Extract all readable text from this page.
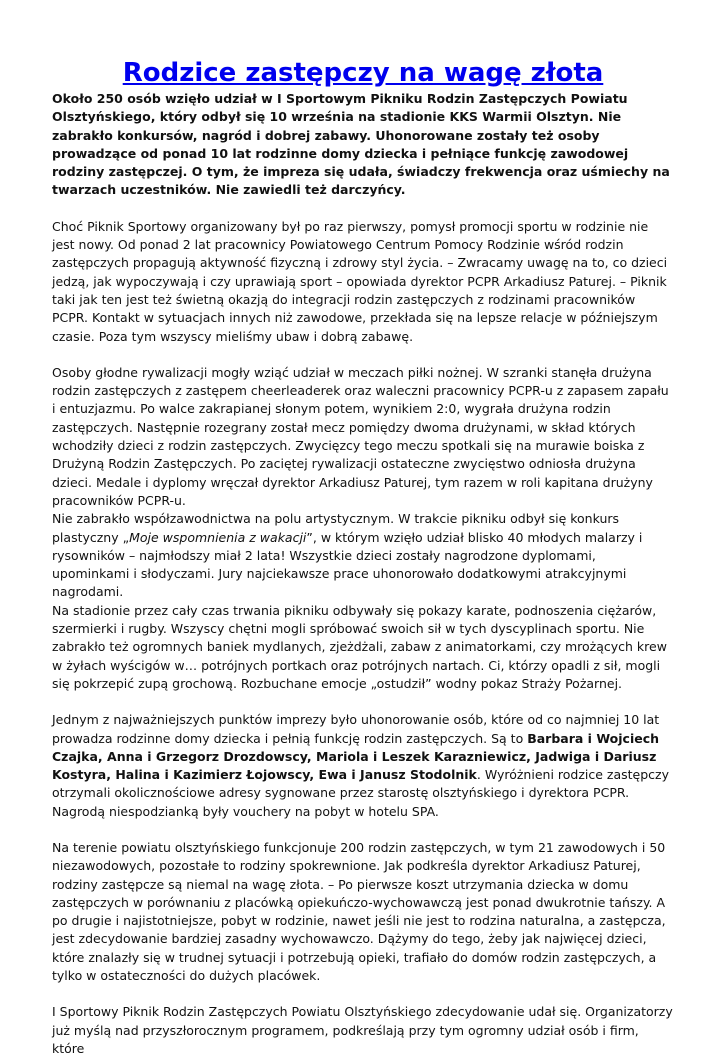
Rodzice zastępczy na wagę złota

Około 250 osób wzięło udział w I Sportowym Pikniku Rodzin Zastępczych Powiatu Olsztyńskiego, który odbył się 10 września na stadionie KKS Warmii Olsztyn. Nie zabrakło konkursów, nagród i dobrej zabawy. Uhonorowane zostały też osoby prowadzące od ponad 10 lat rodzinne domy dziecka i pełniące funkcję zawodowej rodziny zastępczej. O tym, że impreza się udała, świadczy frekwencja oraz uśmiechy na twarzach uczestników. Nie zawiedli też darczyńcy.

Choć Piknik Sportowy organizowany był po raz pierwszy, pomysł promocji sportu w rodzinie nie jest nowy. Od ponad 2 lat pracownicy Powiatowego Centrum Pomocy Rodzinie wśród rodzin zastępczych propagują aktywność fizyczną i zdrowy styl życia. – Zwracamy uwagę na to, co dzieci jedzą, jak wypoczywają i czy uprawiają sport – opowiada dyrektor PCPR Arkadiusz Paturej. – Piknik taki jak ten jest też świetną okazją do integracji rodzin zastępczych z rodzinami pracowników PCPR. Kontakt w sytuacjach innych niż zawodowe, przekłada się na lepsze relacje w późniejszym czasie. Poza tym wszyscy mieliśmy ubaw i dobrą zabawę.

Osoby głodne rywalizacji mogły wziąć udział w meczach piłki nożnej. W szranki stanęła drużyna rodzin zastępczych z zastępem cheerleaderek oraz waleczni pracownicy PCPR-u z zapasem zapału i entuzjazmu. Po walce zakrapianej słonym potem, wynikiem 2:0, wygrała drużyna rodzin zastępczych. Następnie rozegrany został mecz pomiędzy dwoma drużynami, w skład których wchodziły dzieci z rodzin zastępczych. Zwycięzcy tego meczu spotkali się na murawie boiska z Drużyną Rodzin Zastępczych. Po zaciętej rywalizacji ostateczne zwycięstwo odniosła drużyna dzieci. Medale i dyplomy wręczał dyrektor Arkadiusz Paturej, tym razem w roli kapitana drużyny pracowników PCPR-u.
Nie zabrakło współzawodnictwa na polu artystycznym. W trakcie pikniku odbył się konkurs plastyczny „Moje wspomnienia z wakacji”, w którym wzięło udział blisko 40 młodych malarzy i rysowników – najmłodszy miał 2 lata! Wszystkie dzieci zostały nagrodzone dyplomami, upominkami i słodyczami. Jury najciekawsze prace uhonorowało dodatkowymi atrakcyjnymi nagrodami.
Na stadionie przez cały czas trwania pikniku odbywały się pokazy karate, podnoszenia ciężarów, szermierki i rugby. Wszyscy chętni mogli spróbować swoich sił w tych dyscyplinach sportu. Nie zabrakło też ogromnych baniek mydlanych, zjeżdżali, zabaw z animatorkami, czy mrożących krew w żyłach wyścigów w… potrójnych portkach oraz potrójnych nartach. Ci, którzy opadli z sił, mogli się pokrzepić zupą grochową. Rozbuchane emocje „ostudził” wodny pokaz Straży Pożarnej.

Jednym z najważniejszych punktów imprezy było uhonorowanie osób, które od co najmniej 10 lat prowadza rodzinne domy dziecka i pełnią funkcję rodzin zastępczych. Są to Barbara i Wojciech Czajka, Anna i Grzegorz Drozdowscy, Mariola i Leszek Karazniewicz, Jadwiga i Dariusz Kostyra, Halina i Kazimierz Łojowscy, Ewa i Janusz Stodolnik. Wyróżnieni rodzice zastępczy otrzymali okolicznościowe adresy sygnowane przez starostę olsztyńskiego i dyrektora PCPR. Nagrodą niespodzianką były vouchery na pobyt w hotelu SPA.

Na terenie powiatu olsztyńskiego funkcjonuje 200 rodzin zastępczych, w tym 21 zawodowych i 50 niezawodowych, pozostałe to rodziny spokrewnione. Jak podkreśla dyrektor Arkadiusz Paturej, rodziny zastępcze są niemal na wagę złota. – Po pierwsze koszt utrzymania dziecka w domu zastępczych w porównaniu z placówką opiekuńczo-wychowawczą jest ponad dwukrotnie tańszy. A po drugie i najistotniejsze, pobyt w rodzinie, nawet jeśli nie jest to rodzina naturalna, a zastępcza, jest zdecydowanie bardziej zasadny wychowawczo. Dążymy do tego, żeby jak najwięcej dzieci, które znalazły się w trudnej sytuacji i potrzebują opieki, trafiało do domów rodzin zastępczych, a tylko w ostateczności do dużych placówek.

I Sportowy Piknik Rodzin Zastępczych Powiatu Olsztyńskiego zdecydowanie udał się. Organizatorzy już myślą nad przyszłorocznym programem, podkreślają przy tym ogromny udział osób i firm, które
